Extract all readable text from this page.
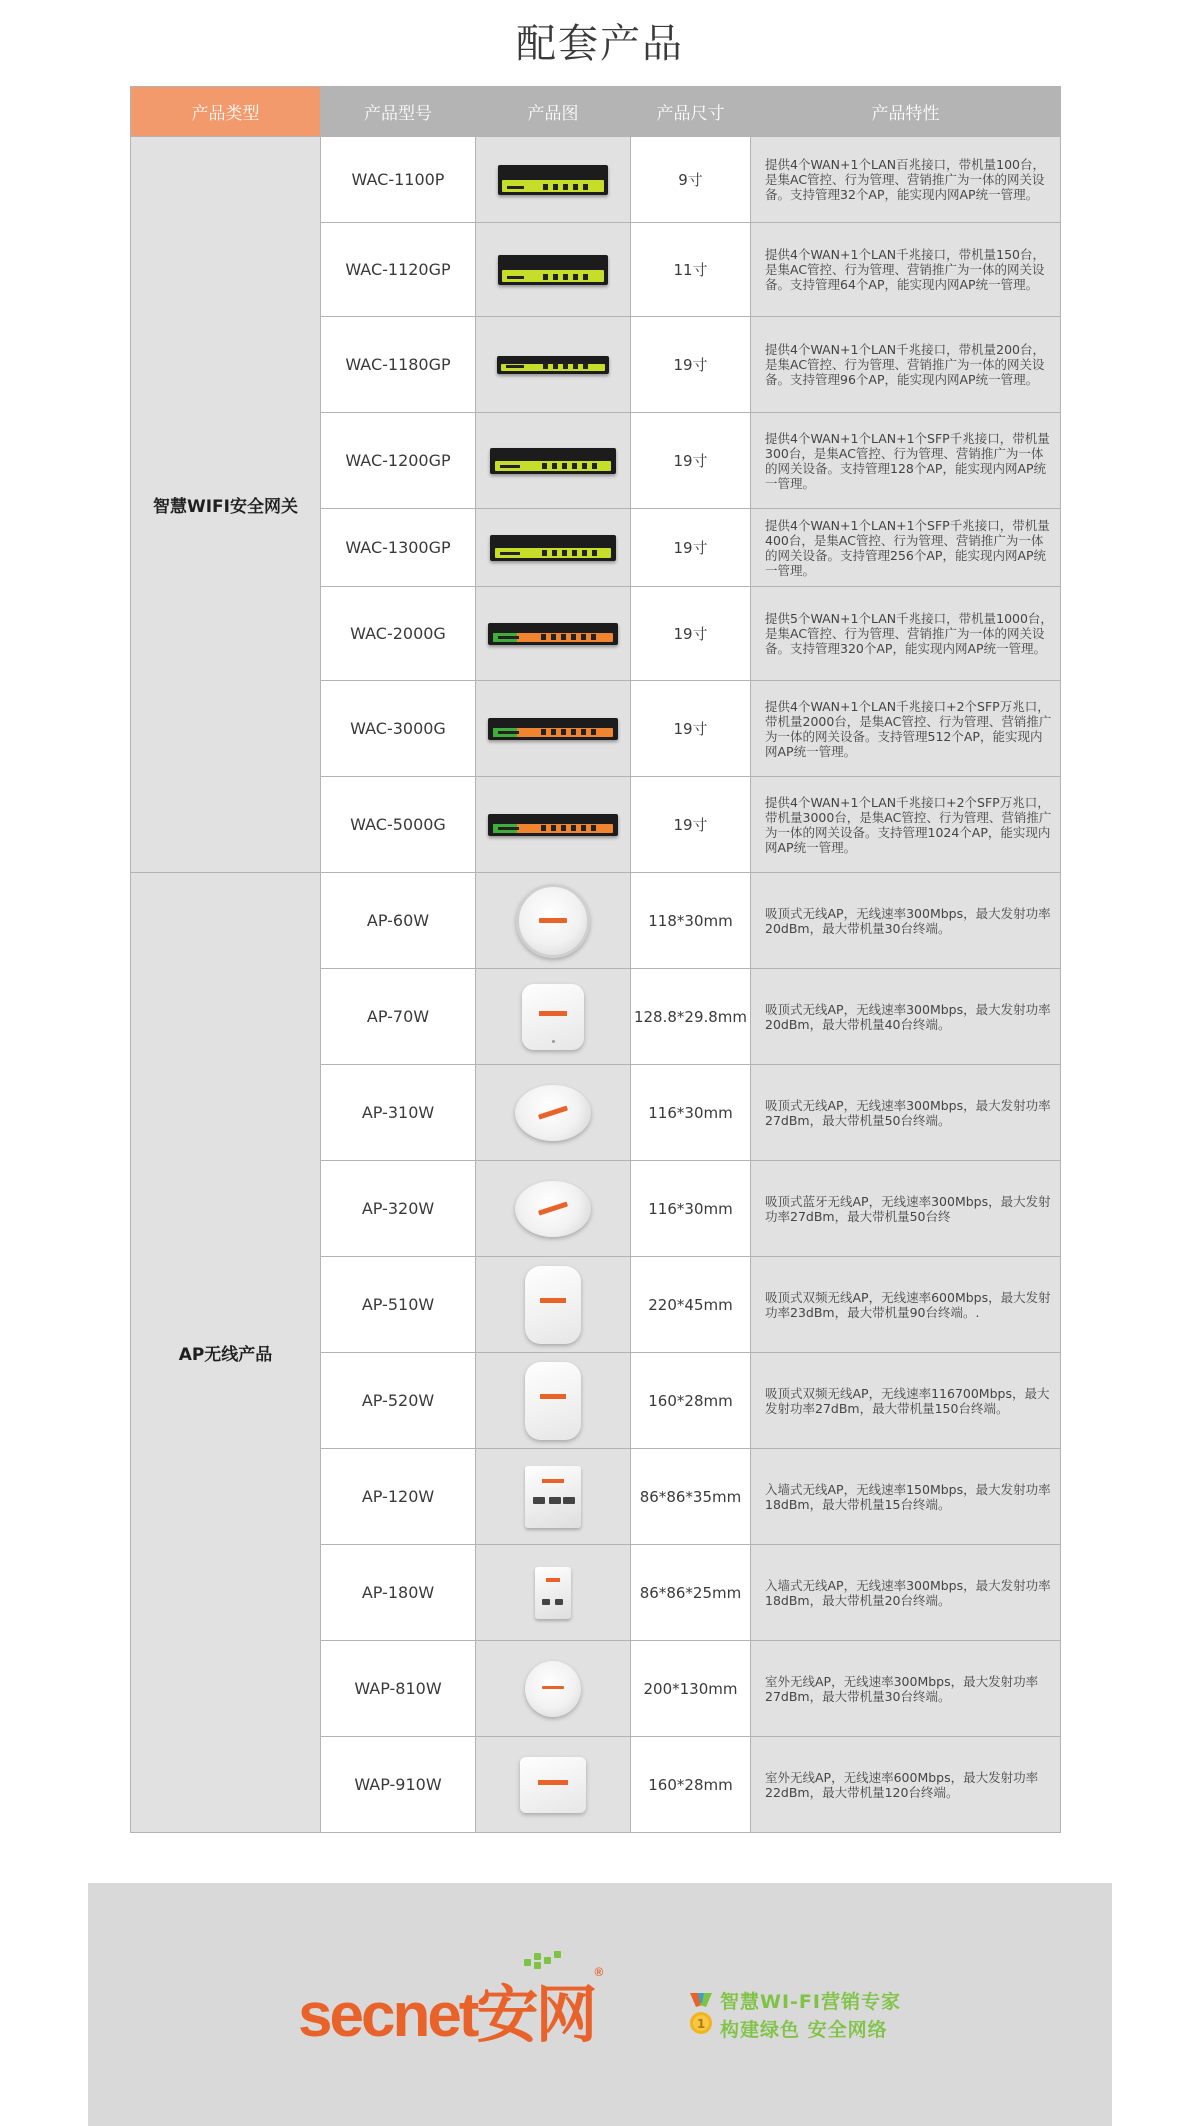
配套产品
产品类型	产品型号	产品图	产品尺寸	产品特性
智慧WIFI安全网关	WAC-1100P		9寸	提供4个WAN+1个LAN百兆接口，带机量100台，是集AC管控、行为管理、营销推广为一体的网关设备。支持管理32个AP，能实现内网AP统一管理。

	WAC-1120GP		11寸	提供4个WAN+1个LAN千兆接口，带机量150台，是集AC管控、行为管理、营销推广为一体的网关设备。支持管理64个AP，能实现内网AP统一管理。

	WAC-1180GP		19寸	提供4个WAN+1个LAN千兆接口，带机量200台，是集AC管控、行为管理、营销推广为一体的网关设备。支持管理96个AP，能实现内网AP统一管理。

	WAC-1200GP		19寸	提供4个WAN+1个LAN+1个SFP千兆接口，带机量300台，是集AC管控、行为管理、营销推广为一体的网关设备。支持管理128个AP，能实现内网AP统一管理。

	WAC-1300GP		19寸	提供4个WAN+1个LAN+1个SFP千兆接口，带机量400台，是集AC管控、行为管理、营销推广为一体的网关设备。支持管理256个AP，能实现内网AP统一管理。

	WAC-2000G		19寸	提供5个WAN+1个LAN千兆接口，带机量1000台，是集AC管控、行为管理、营销推广为一体的网关设备。支持管理320个AP，能实现内网AP统一管理。

	WAC-3000G		19寸	提供4个WAN+1个LAN千兆接口+2个SFP万兆口，带机量2000台，是集AC管控、行为管理、营销推广为一体的网关设备。支持管理512个AP，能实现内网AP统一管理。

	WAC-5000G		19寸	提供4个WAN+1个LAN千兆接口+2个SFP万兆口，带机量3000台，是集AC管控、行为管理、营销推广为一体的网关设备。支持管理1024个AP，能实现内网AP统一管理。

AP无线产品	AP-60W		118*30mm	吸顶式无线AP，无线速率300Mbps，最大发射功率20dBm，最大带机量30台终端。

	AP-70W		128.8*29.8mm	吸顶式无线AP，无线速率300Mbps，最大发射功率20dBm，最大带机量40台终端。

	AP-310W		116*30mm	吸顶式无线AP，无线速率300Mbps，最大发射功率27dBm，最大带机量50台终端。

	AP-320W		116*30mm	吸顶式蓝牙无线AP，无线速率300Mbps，最大发射功率27dBm，最大带机量50台终

	AP-510W		220*45mm	吸顶式双频无线AP，无线速率600Mbps，最大发射功率23dBm，最大带机量90台终端。.

	AP-520W		160*28mm	吸顶式双频无线AP，无线速率116700Mbps，最大发射功率27dBm，最大带机量150台终端。

	AP-120W		86*86*35mm	入墙式无线AP，无线速率150Mbps，最大发射功率18dBm，最大带机量15台终端。

	AP-180W		86*86*25mm	入墙式无线AP，无线速率300Mbps，最大发射功率18dBm，最大带机量20台终端。

	WAP-810W		200*130mm	室外无线AP，无线速率300Mbps，最大发射功率27dBm，最大带机量30台终端。

	WAP-910W		160*28mm	室外无线AP，无线速率600Mbps，最大发射功率22dBm，最大带机量120台终端。
secnet安网®
1
智慧WI-FI营销专家
构建绿色 安全网络
